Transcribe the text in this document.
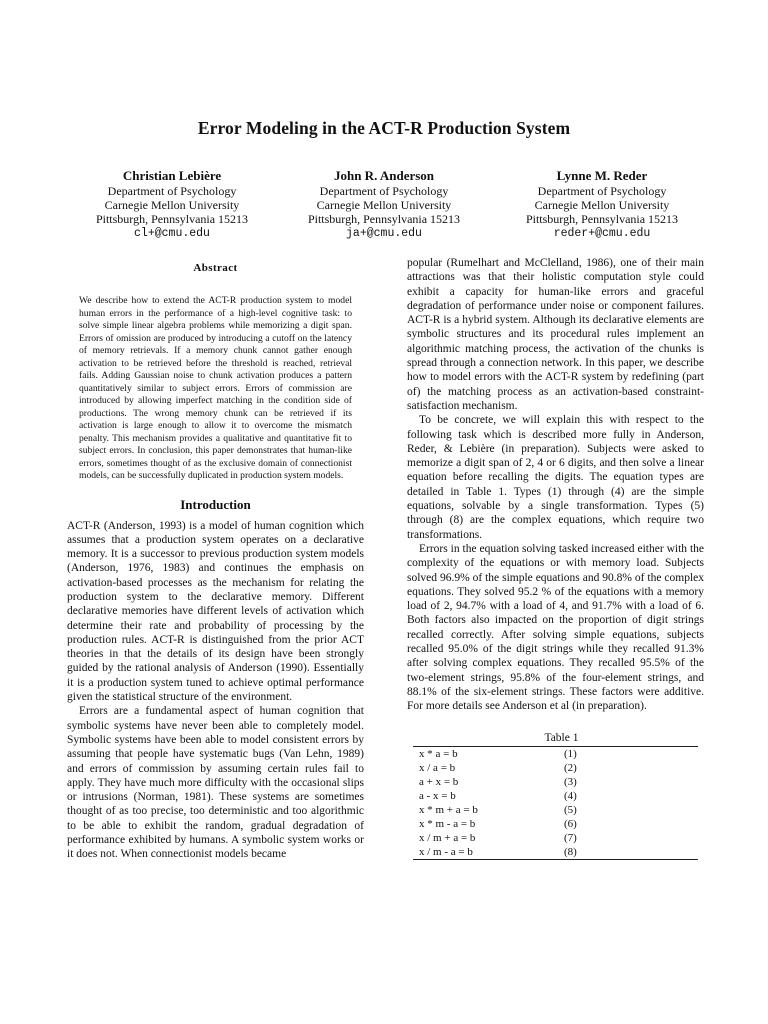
Error Modeling in the ACT-R Production System
Christian Lebière
Department of Psychology
Carnegie Mellon University
Pittsburgh, Pennsylvania 15213
cl+@cmu.edu
John R. Anderson
Department of Psychology
Carnegie Mellon University
Pittsburgh, Pennsylvania 15213
ja+@cmu.edu
Lynne M. Reder
Department of Psychology
Carnegie Mellon University
Pittsburgh, Pennsylvania 15213
reder+@cmu.edu
Abstract

We describe how to extend the ACT-R production system to model human errors in the performance of a high-level cognitive task: to solve simple linear algebra problems while memorizing a digit span. Errors of omission are produced by introducing a cutoff on the latency of memory retrievals. If a memory chunk cannot gather enough activation to be retrieved before the threshold is reached, retrieval fails. Adding Gaussian noise to chunk activation produces a pattern quantitatively similar to subject errors. Errors of commission are introduced by allowing imperfect matching in the condition side of productions. The wrong memory chunk can be retrieved if its activation is large enough to allow it to overcome the mismatch penalty. This mechanism provides a qualitative and quantitative fit to subject errors. In conclusion, this paper demonstrates that human-like errors, sometimes thought of as the exclusive domain of connectionist models, can be successfully duplicated in production system models.

Introduction

ACT-R (Anderson, 1993) is a model of human cognition which assumes that a production system operates on a declarative memory. It is a successor to previous production system models (Anderson, 1976, 1983) and continues the emphasis on activation-based processes as the mechanism for relating the production system to the declarative memory. Different declarative memories have different levels of activation which determine their rate and probability of processing by the production rules. ACT-R is distinguished from the prior ACT theories in that the details of its design have been strongly guided by the rational analysis of Anderson (1990). Essentially it is a production system tuned to achieve optimal performance given the statistical structure of the environment.

Errors are a fundamental aspect of human cognition that symbolic systems have never been able to completely model. Symbolic systems have been able to model consistent errors by assuming that people have systematic bugs (Van Lehn, 1989) and errors of commission by assuming certain rules fail to apply. They have much more difficulty with the occasional slips or intrusions (Norman, 1981). These systems are sometimes thought of as too precise, too deterministic and too algorithmic to be able to exhibit the random, gradual degradation of performance exhibited by humans. A symbolic system works or it does not. When connectionist models became

popular (Rumelhart and McClelland, 1986), one of their main attractions was that their holistic computation style could exhibit a capacity for human-like errors and graceful degradation of performance under noise or component failures. ACT-R is a hybrid system. Although its declarative elements are symbolic structures and its procedural rules implement an algorithmic matching process, the activation of the chunks is spread through a connection network. In this paper, we describe how to model errors with the ACT-R system by redefining (part of) the matching process as an activation-based constraint-satisfaction mechanism.

To be concrete, we will explain this with respect to the following task which is described more fully in Anderson, Reder, & Lebière (in preparation). Subjects were asked to memorize a digit span of 2, 4 or 6 digits, and then solve a linear equation before recalling the digits. The equation types are detailed in Table 1. Types (1) through (4) are the simple equations, solvable by a single transformation. Types (5) through (8) are the complex equations, which require two transformations.

Errors in the equation solving tasked increased either with the complexity of the equations or with memory load. Subjects solved 96.9% of the simple equations and 90.8% of the complex equations. They solved 95.2 % of the equations with a memory load of 2, 94.7% with a load of 4, and 91.7% with a load of 6. Both factors also impacted on the proportion of digit strings recalled correctly. After solving simple equations, subjects recalled 95.0% of the digit strings while they recalled 91.3% after solving complex equations. They recalled 95.5% of the two-element strings, 95.8% of the four-element strings, and 88.1% of the six-element strings. These factors were additive. For more details see Anderson et al (in preparation).

Table 1
x * a = b	(1)
x / a = b	(2)
a + x = b	(3)
a - x = b	(4)
x * m + a = b	(5)
x * m - a = b	(6)
x / m + a = b	(7)
x / m - a = b	(8)
